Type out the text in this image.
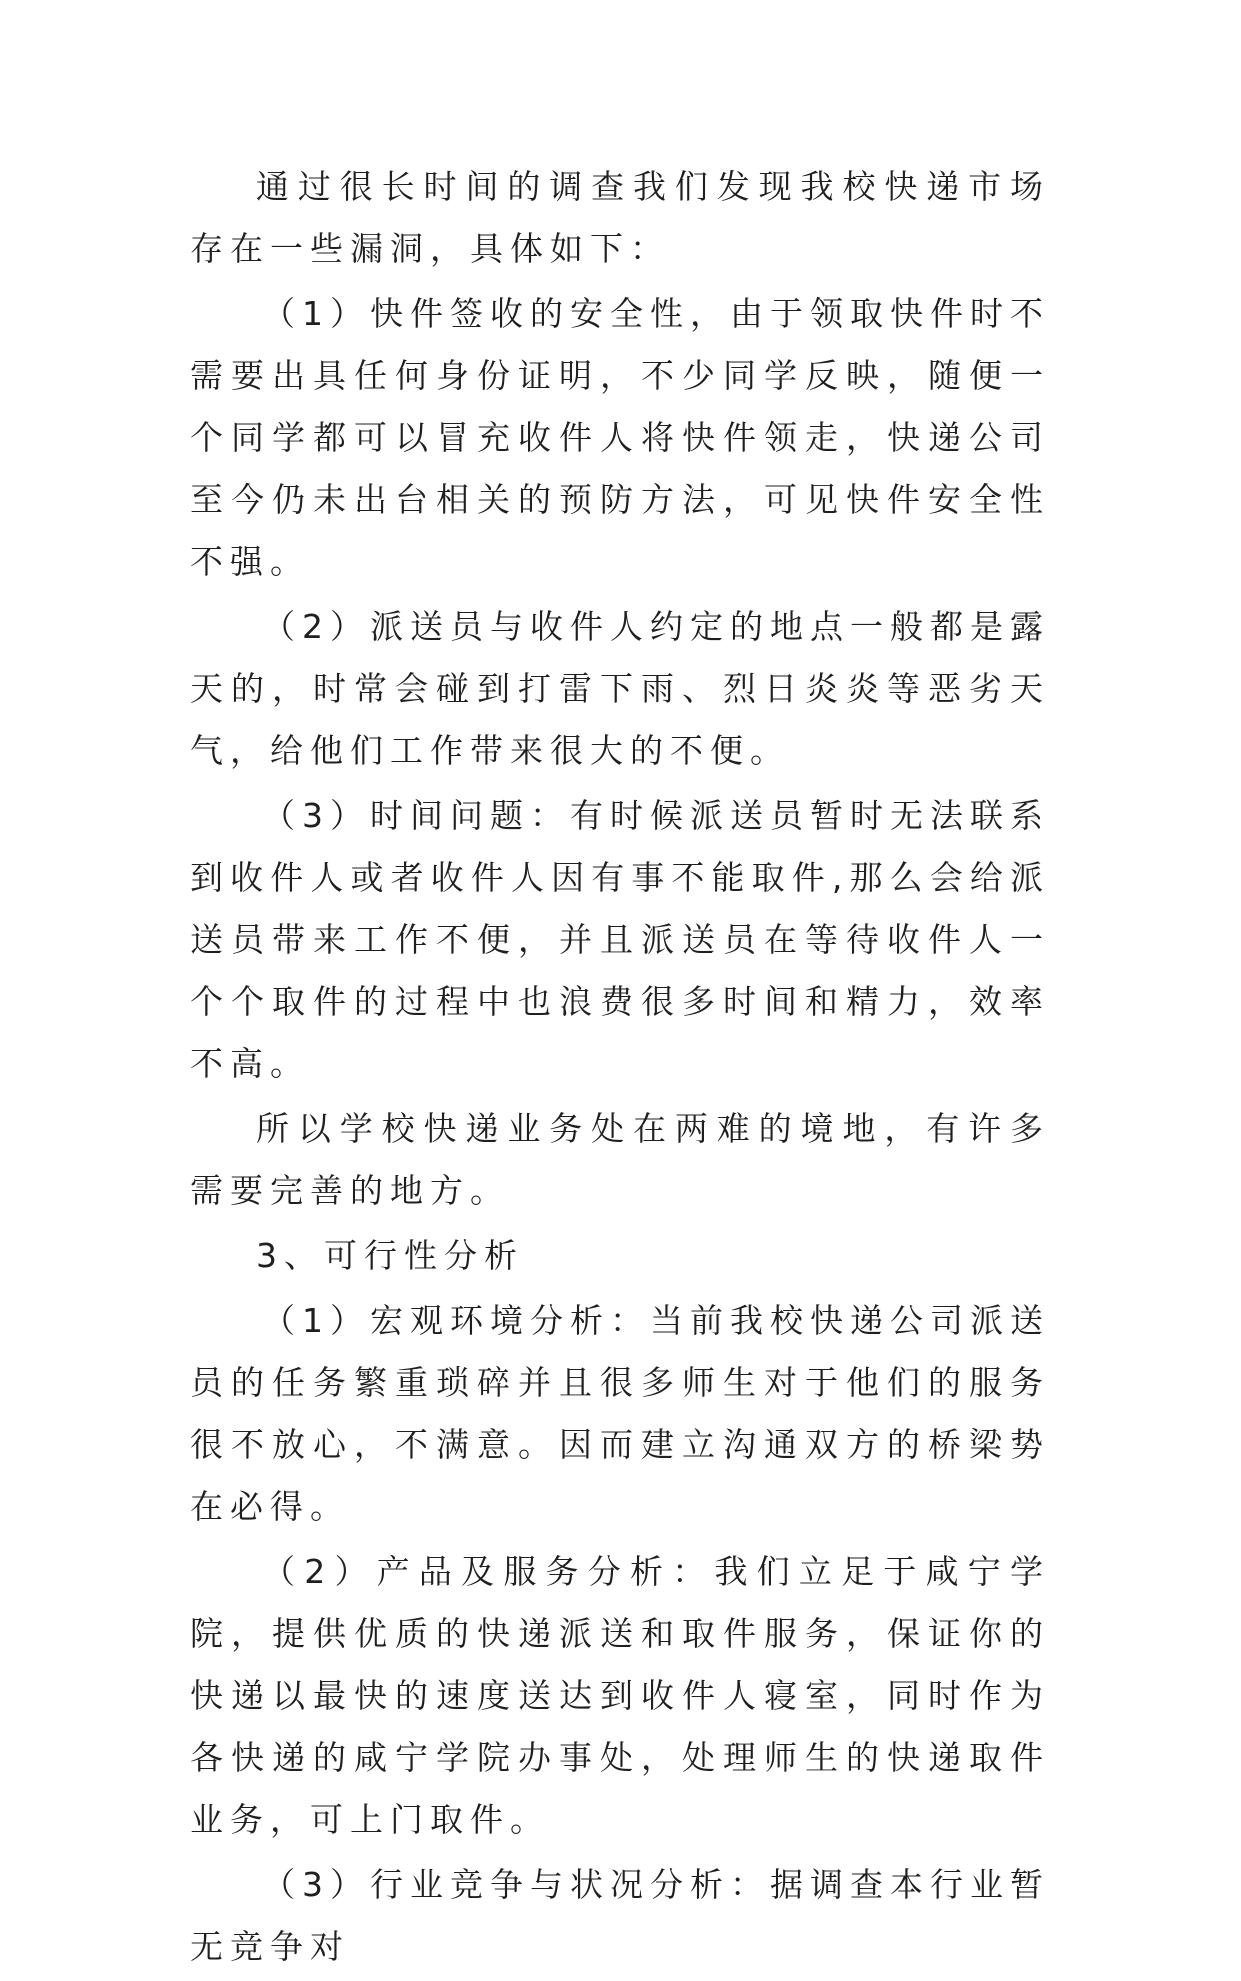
通过很长时间的调查我们发现我校快递市场存在一些漏洞，具体如下：

（1）快件签收的安全性，由于领取快件时不需要出具任何身份证明，不少同学反映，随便一个同学都可以冒充收件人将快件领走，快递公司至今仍未出台相关的预防方法，可见快件安全性不强。

（2）派送员与收件人约定的地点一般都是露天的，时常会碰到打雷下雨、烈日炎炎等恶劣天气，给他们工作带来很大的不便。

（3）时间问题：有时候派送员暂时无法联系到收件人或者收件人因有事不能取件,那么会给派送员带来工作不便，并且派送员在等待收件人一个个取件的过程中也浪费很多时间和精力，效率不高。

所以学校快递业务处在两难的境地，有许多需要完善的地方。

3、可行性分析

（1）宏观环境分析：当前我校快递公司派送员的任务繁重琐碎并且很多师生对于他们的服务很不放心，不满意。因而建立沟通双方的桥梁势在必得。

（2）产品及服务分析：我们立足于咸宁学院，提供优质的快递派送和取件服务，保证你的快递以最快的速度送达到收件人寝室，同时作为各快递的咸宁学院办事处，处理师生的快递取件业务，可上门取件。

（3）行业竞争与状况分析：据调查本行业暂无竞争对
